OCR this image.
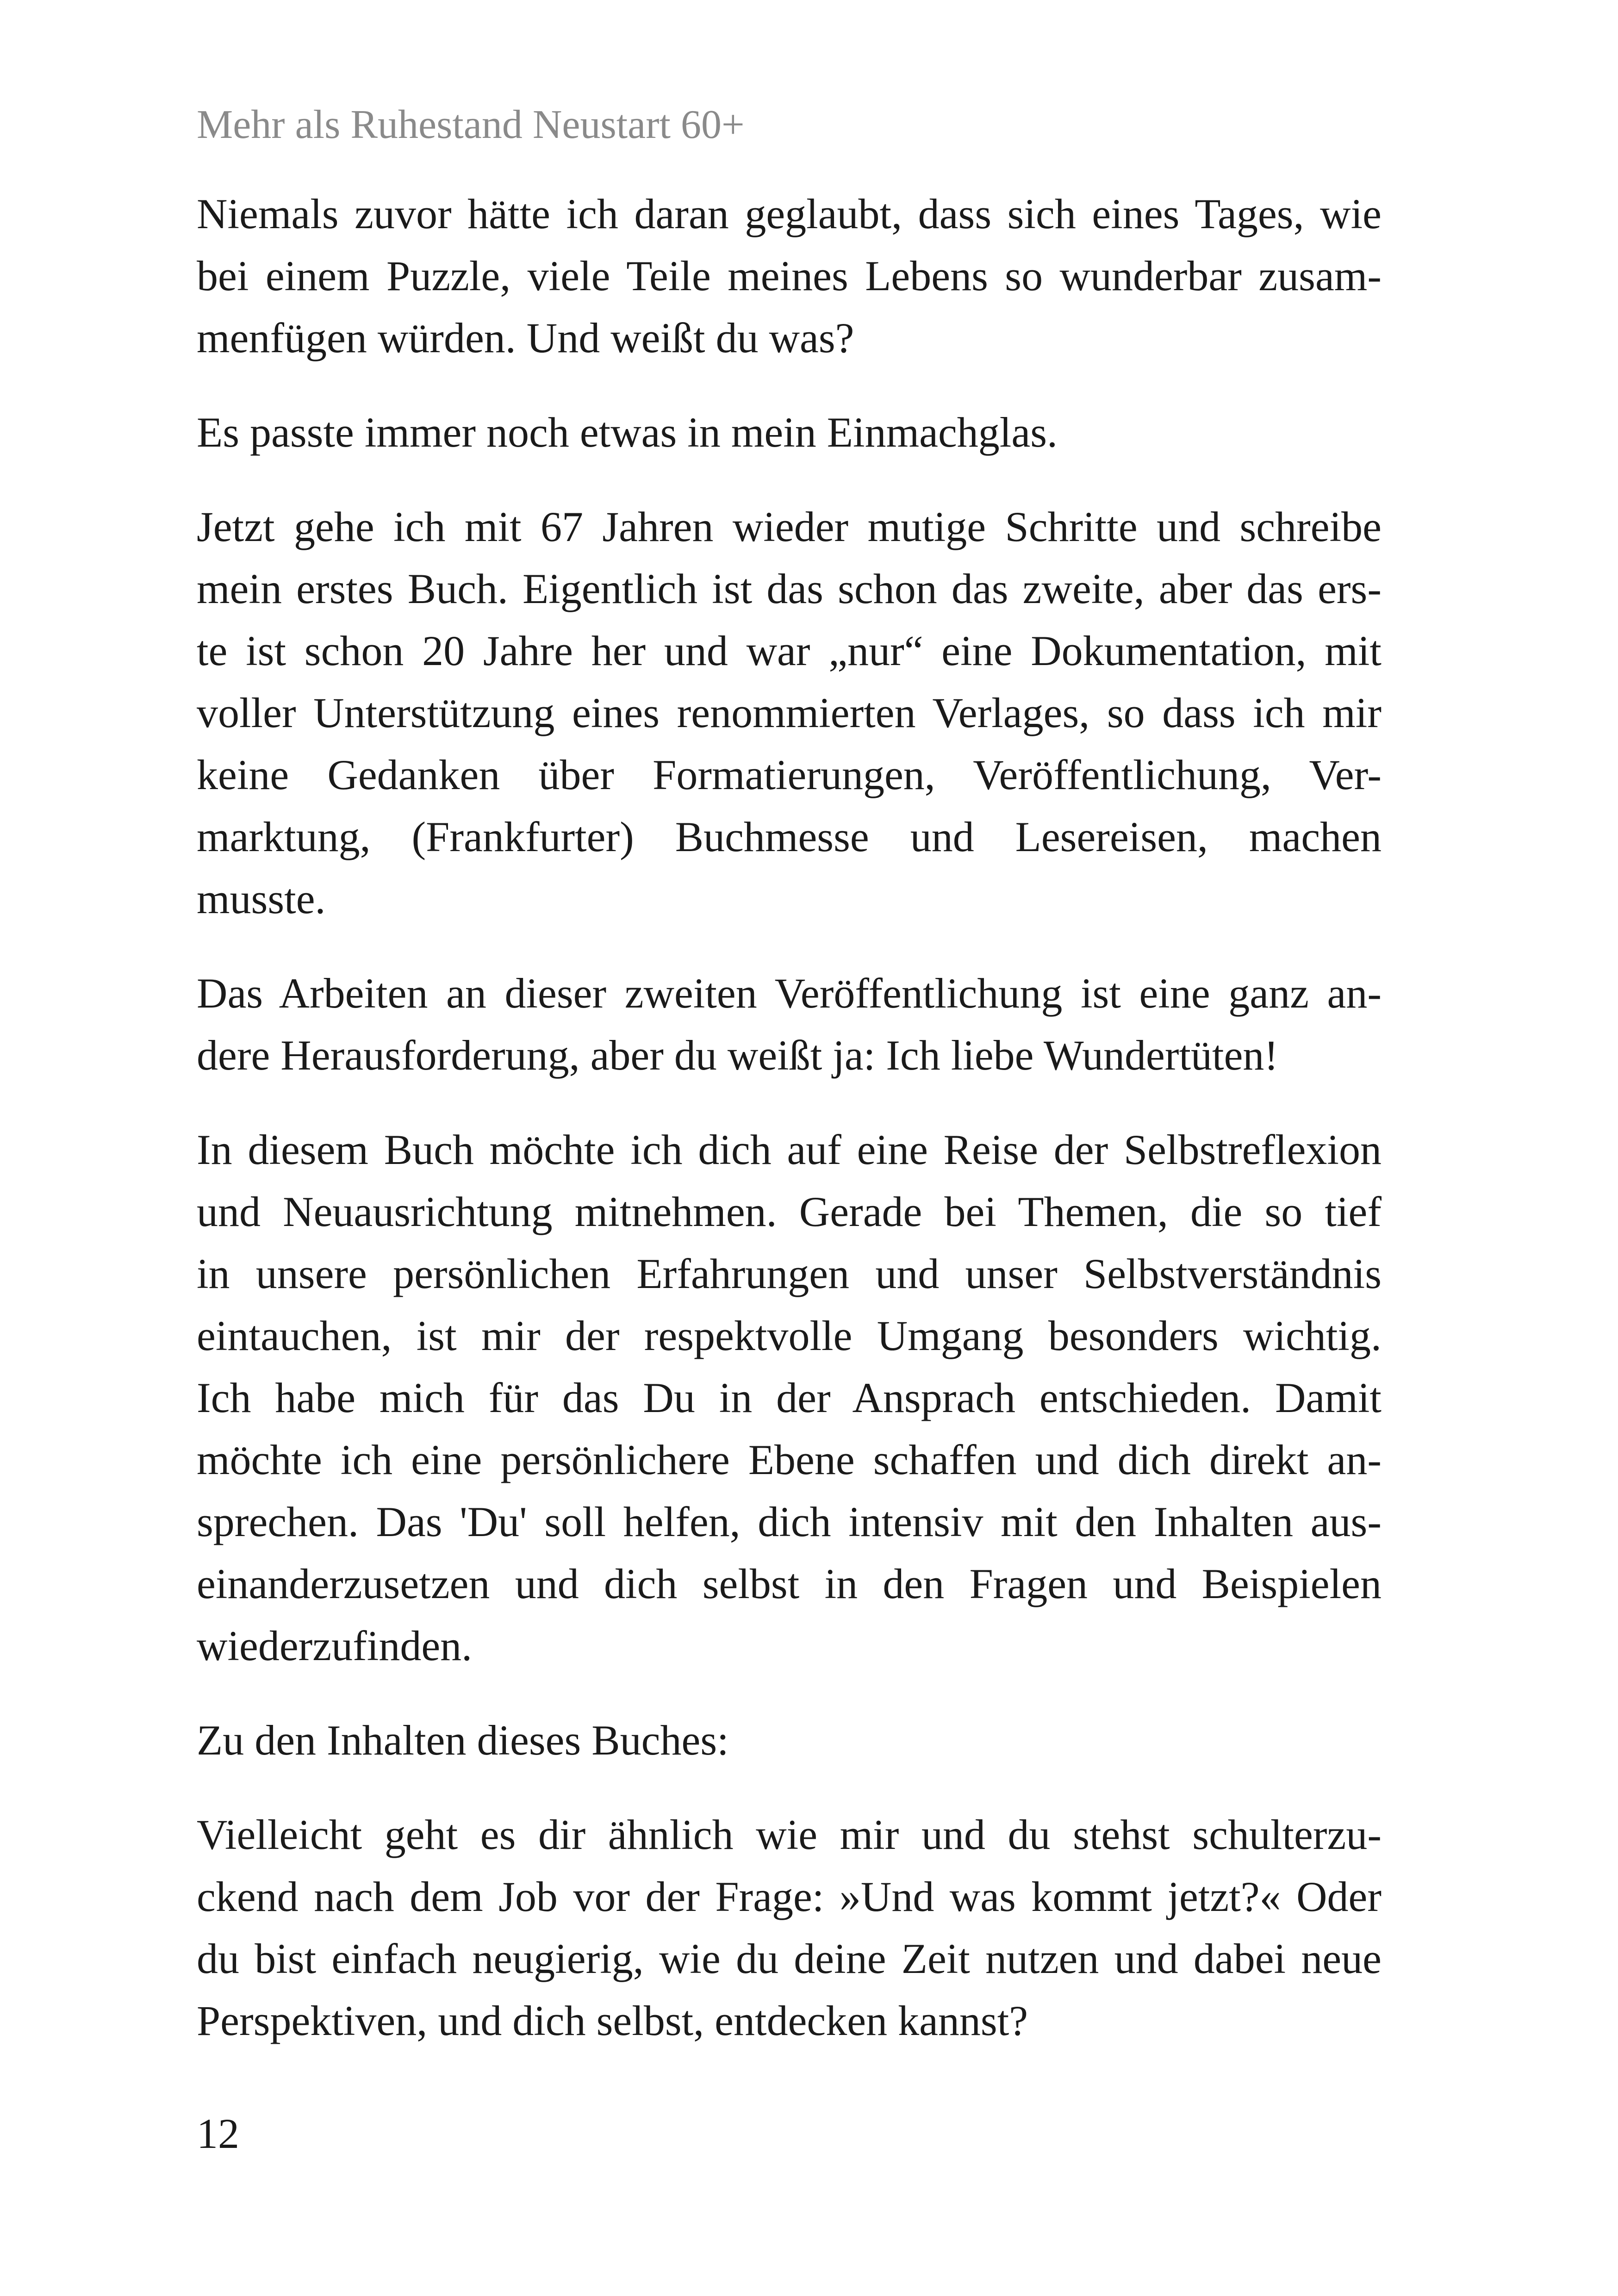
Mehr als Ruhestand Neustart 60+

Niemals zuvor hätte ich daran geglaubt, dass sich eines Tages, wie
bei einem Puzzle, viele Teile meines Lebens so wunderbar zusam-
menfügen würden. Und weißt du was?

Es passte immer noch etwas in mein Einmachglas.

Jetzt gehe ich mit 67 Jahren wieder mutige Schritte und schreibe
mein erstes Buch. Eigentlich ist das schon das zweite, aber das ers-
te ist schon 20 Jahre her und war „nur“ eine Dokumentation, mit
voller Unterstützung eines renommierten Verlages, so dass ich mir
keine Gedanken über Formatierungen, Veröffentlichung, Ver-
marktung, (Frankfurter) Buchmesse und Lesereisen, machen
musste.

Das Arbeiten an dieser zweiten Veröffentlichung ist eine ganz an-
dere Herausforderung, aber du weißt ja: Ich liebe Wundertüten!

In diesem Buch möchte ich dich auf eine Reise der Selbstreflexion
und Neuausrichtung mitnehmen. Gerade bei Themen, die so tief
in unsere persönlichen Erfahrungen und unser Selbstverständnis
eintauchen, ist mir der respektvolle Umgang besonders wichtig.
Ich habe mich für das Du in der Ansprach entschieden. Damit
möchte ich eine persönlichere Ebene schaffen und dich direkt an-
sprechen. Das 'Du' soll helfen, dich intensiv mit den Inhalten aus-
einanderzusetzen und dich selbst in den Fragen und Beispielen
wiederzufinden.

Zu den Inhalten dieses Buches:

Vielleicht geht es dir ähnlich wie mir und du stehst schulterzu-
ckend nach dem Job vor der Frage: »Und was kommt jetzt?« Oder
du bist einfach neugierig, wie du deine Zeit nutzen und dabei neue
Perspektiven, und dich selbst, entdecken kannst?

12
